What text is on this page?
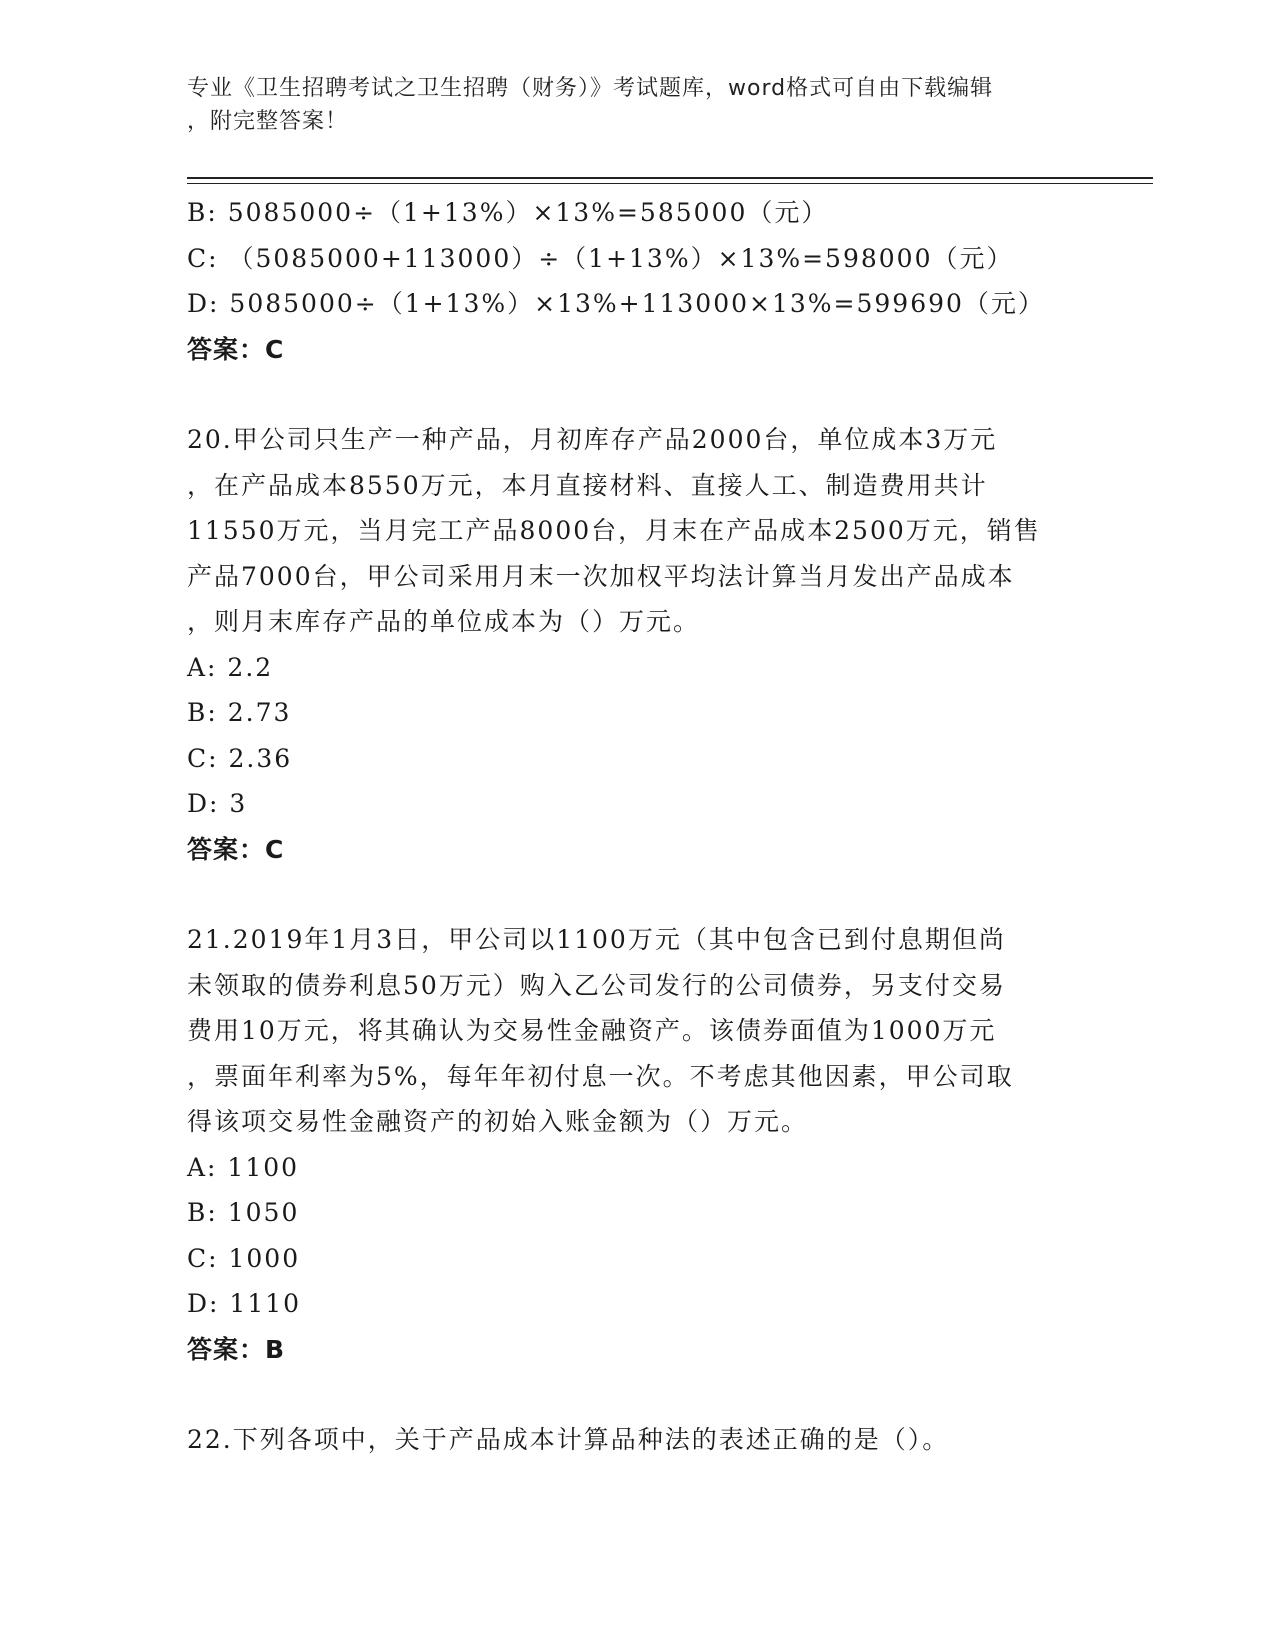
专业《卫生招聘考试之卫生招聘（财务）》考试题库，word格式可自由下载编辑
，附完整答案！
B: 5085000÷（1+13%）×13%=585000（元）
C: （5085000+113000）÷（1+13%）×13%=598000（元）
D: 5085000÷（1+13%）×13%+113000×13%=599690（元）
答案：C
20.甲公司只生产一种产品，月初库存产品2000台，单位成本3万元
，在产品成本8550万元，本月直接材料、直接人工、制造费用共计
11550万元，当月完工产品8000台，月末在产品成本2500万元，销售
产品7000台，甲公司采用月末一次加权平均法计算当月发出产品成本
，则月末库存产品的单位成本为（）万元。
A: 2.2
B: 2.73
C: 2.36
D: 3
答案：C
21.2019年1月3日，甲公司以1100万元（其中包含已到付息期但尚
未领取的债券利息50万元）购入乙公司发行的公司债券，另支付交易
费用10万元，将其确认为交易性金融资产。该债券面值为1000万元
，票面年利率为5%，每年年初付息一次。不考虑其他因素，甲公司取
得该项交易性金融资产的初始入账金额为（）万元。
A: 1100
B: 1050
C: 1000
D: 1110
答案：B
22.下列各项中，关于产品成本计算品种法的表述正确的是（）。
